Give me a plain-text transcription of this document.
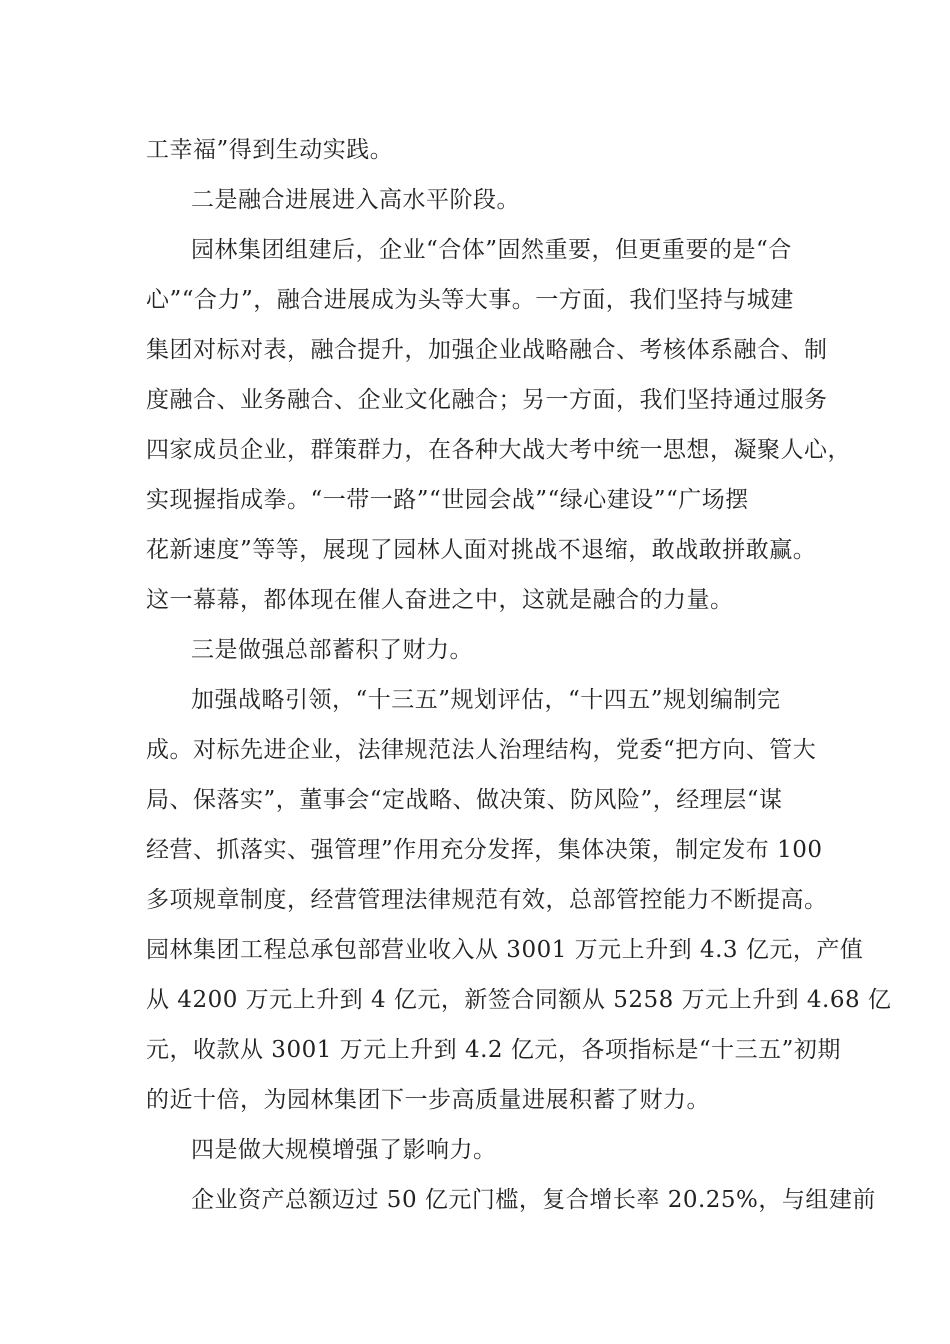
工幸福”得到生动实践。
二是融合进展进入高水平阶段。
园林集团组建后，企业“合体”固然重要，但更重要的是“合
心”“合力”，融合进展成为头等大事。一方面，我们坚持与城建
集团对标对表，融合提升，加强企业战略融合、考核体系融合、制
度融合、业务融合、企业文化融合；另一方面，我们坚持通过服务
四家成员企业，群策群力，在各种大战大考中统一思想，凝聚人心，
实现握指成拳。“一带一路”“世园会战”“绿心建设”“广场摆
花新速度”等等，展现了园林人面对挑战不退缩，敢战敢拼敢赢。
这一幕幕，都体现在催人奋进之中，这就是融合的力量。
三是做强总部蓄积了财力。
加强战略引领，“十三五”规划评估，“十四五”规划编制完
成。对标先进企业，法律规范法人治理结构，党委“把方向、管大
局、保落实”，董事会“定战略、做决策、防风险”，经理层“谋
经营、抓落实、强管理”作用充分发挥，集体决策，制定发布 100
多项规章制度，经营管理法律规范有效，总部管控能力不断提高。
园林集团工程总承包部营业收入从 3001 万元上升到 4.3 亿元，产值
从 4200 万元上升到 4 亿元，新签合同额从 5258 万元上升到 4.68 亿
元，收款从 3001 万元上升到 4.2 亿元，各项指标是“十三五”初期
的近十倍，为园林集团下一步高质量进展积蓄了财力。
四是做大规模增强了影响力。
企业资产总额迈过 50 亿元门槛，复合增长率 20.25%，与组建前
